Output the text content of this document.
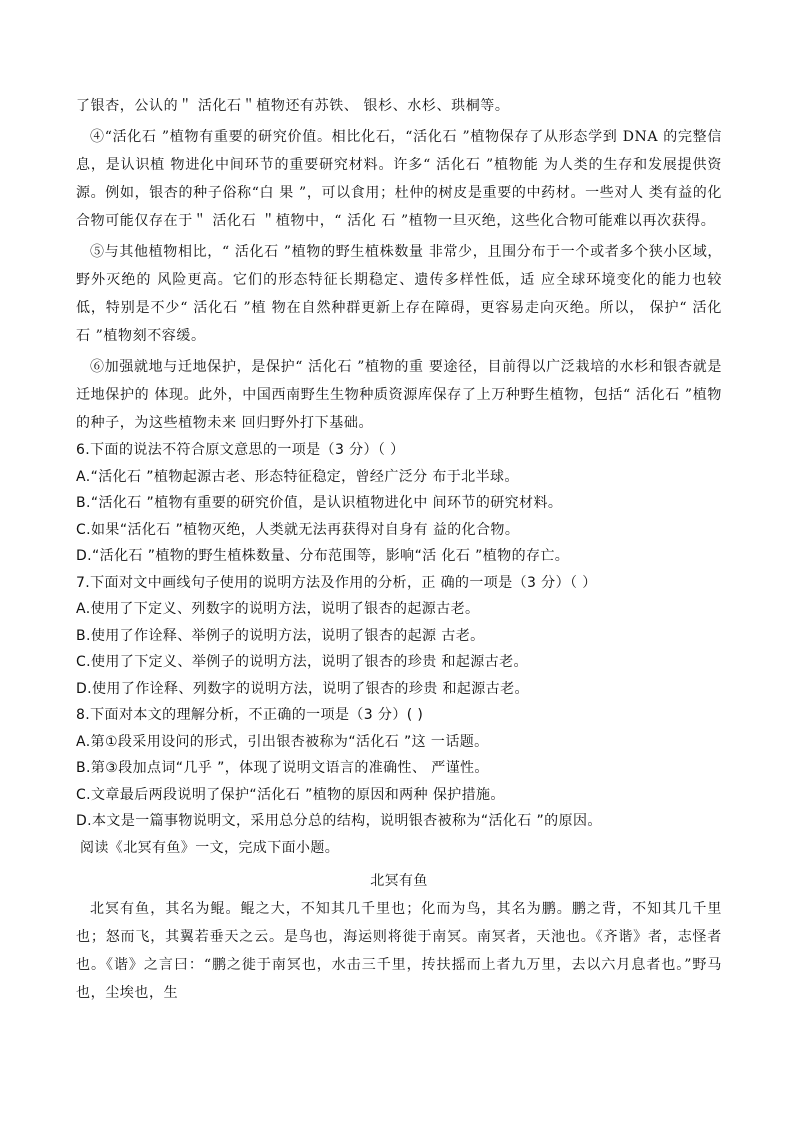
了银杏，公认的＂ 活化石＂植物还有苏铁、 银杉、水杉、珙桐等。

④“活化石 ”植物有重要的研究价值。相比化石，“活化石 ”植物保存了从形态学到 DNA 的完整信息，是认识植 物进化中间环节的重要研究材料。许多“ 活化石 ”植物能 为人类的生存和发展提供资源。例如，银杏的种子俗称“白 果 ”，可以食用；杜仲的树皮是重要的中药材。一些对人 类有益的化合物可能仅存在于＂ 活化石 ＂植物中，“ 活化 石 ”植物一旦灭绝，这些化合物可能难以再次获得。

⑤与其他植物相比，“ 活化石 ”植物的野生植株数量 非常少，且围分布于一个或者多个狭小区域，野外灭绝的 风险更高。它们的形态特征长期稳定、遗传多样性低，适 应全球环境变化的能力也较低，特别是不少“ 活化石 ”植 物在自然种群更新上存在障碍，更容易走向灭绝。所以， 保护“ 活化石 ”植物刻不容缓。

⑥加强就地与迁地保护，是保护“ 活化石 ”植物的重 要途径，目前得以广泛栽培的水杉和银杏就是迁地保护的 体现。此外，中国西南野生生物种质资源库保存了上万种野生植物，包括“ 活化石 ”植物的种子，为这些植物未来 回归野外打下基础。

6.下面的说法不符合原文意思的一项是（3 分）（ ）

A.“活化石 ”植物起源古老、形态特征稳定，曾经广泛分 布于北半球。

B.“活化石 ”植物有重要的研究价值，是认识植物进化中 间环节的研究材料。

C.如果“活化石 ”植物灭绝，人类就无法再获得对自身有 益的化合物。

D.“活化石 ”植物的野生植株数量、分布范围等，影响“活 化石 ”植物的存亡。

7.下面对文中画线句子使用的说明方法及作用的分析，正 确的一项是（3 分）（ ）

A.使用了下定义、列数字的说明方法，说明了银杏的起源古老。

B.使用了作诠释、举例子的说明方法，说明了银杏的起源 古老。

C.使用了下定义、举例子的说明方法，说明了银杏的珍贵 和起源古老。

D.使用了作诠释、列数字的说明方法，说明了银杏的珍贵 和起源古老。

8.下面对本文的理解分析，不正确的一项是（3 分）( )

A.第①段采用设问的形式，引出银杏被称为“活化石 ”这 一话题。

B.第③段加点词“几乎 ”，体现了说明文语言的准确性、 严谨性。

C.文章最后两段说明了保护“活化石 ”植物的原因和两种 保护措施。

D.本文是一篇事物说明文，采用总分总的结构，说明银杏被称为“活化石 ”的原因。

阅读《北冥有鱼》一文，完成下面小题。

北冥有鱼

北冥有鱼，其名为鲲。鲲之大，不知其几千里也；化而为鸟，其名为鹏。鹏之背，不知其几千里也；怒而飞，其翼若垂天之云。是鸟也，海运则将徙于南冥。南冥者，天池也。《齐谐》者，志怪者也。《谐》之言曰：“鹏之徙于南冥也，水击三千里，抟扶摇而上者九万里，去以六月息者也。”野马也，尘埃也，生
